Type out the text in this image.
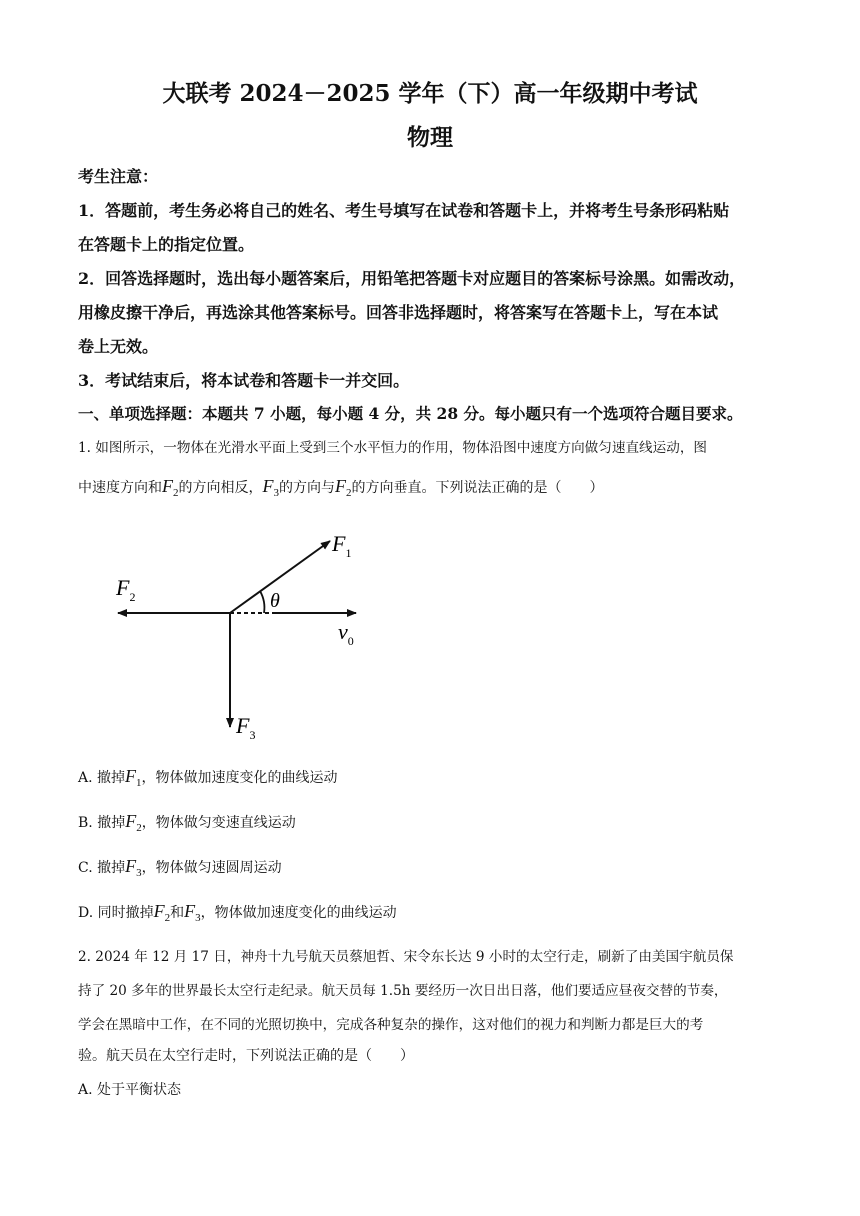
大联考 2024－2025 学年（下）高一年级期中考试
物理
考生注意：
1．答题前，考生务必将自己的姓名、考生号填写在试卷和答题卡上，并将考生号条形码粘贴
在答题卡上的指定位置。
2．回答选择题时，选出每小题答案后，用铅笔把答题卡对应题目的答案标号涂黑。如需改动，
用橡皮擦干净后，再选涂其他答案标号。回答非选择题时，将答案写在答题卡上，写在本试
卷上无效。
3．考试结束后，将本试卷和答题卡一并交回。
一、单项选择题：本题共 7 小题，每小题 4 分，共 28 分。每小题只有一个选项符合题目要求。
1. 如图所示，一物体在光滑水平面上受到三个水平恒力的作用，物体沿图中速度方向做匀速直线运动，图
中速度方向和$F_2$的方向相反，$F_3$的方向与$F_2$的方向垂直。下列说法正确的是（　　）
$F_1$
$F_2$
$F_3$
θ
$v_0$
A. 撤掉$F_1$，物体做加速度变化的曲线运动
B. 撤掉$F_2$，物体做匀变速直线运动
C. 撤掉$F_3$，物体做匀速圆周运动
D. 同时撤掉$F_2$和$F_3$，物体做加速度变化的曲线运动
2. 2024 年 12 月 17 日，神舟十九号航天员蔡旭哲、宋令东长达 9 小时的太空行走，刷新了由美国宇航员保
持了 20 多年的世界最长太空行走纪录。航天员每 1.5h 要经历一次日出日落，他们要适应昼夜交替的节奏，
学会在黑暗中工作，在不同的光照切换中，完成各种复杂的操作，这对他们的视力和判断力都是巨大的考
验。航天员在太空行走时，下列说法正确的是（　　）
A. 处于平衡状态
